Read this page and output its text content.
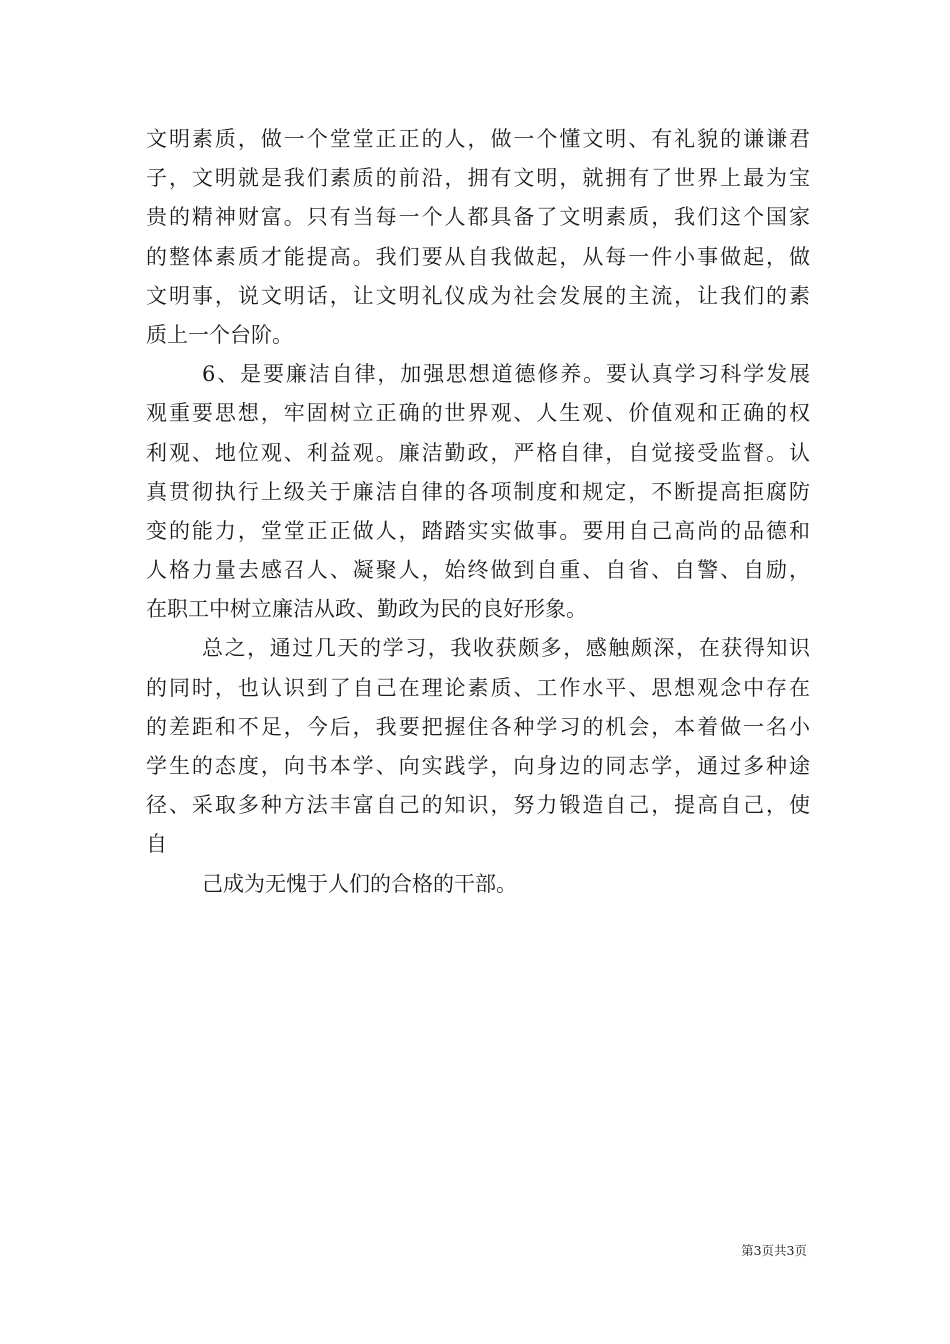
文明素质，做一个堂堂正正的人，做一个懂文明、有礼貌的谦谦君
子，文明就是我们素质的前沿，拥有文明，就拥有了世界上最为宝
贵的精神财富。只有当每一个人都具备了文明素质，我们这个国家
的整体素质才能提高。我们要从自我做起，从每一件小事做起，做
文明事，说文明话，让文明礼仪成为社会发展的主流，让我们的素
质上一个台阶。
6、是要廉洁自律，加强思想道德修养。要认真学习科学发展
观重要思想，牢固树立正确的世界观、人生观、价值观和正确的权
利观、地位观、利益观。廉洁勤政，严格自律，自觉接受监督。认
真贯彻执行上级关于廉洁自律的各项制度和规定，不断提高拒腐防
变的能力，堂堂正正做人，踏踏实实做事。要用自己高尚的品德和
人格力量去感召人、凝聚人，始终做到自重、自省、自警、自励，
在职工中树立廉洁从政、勤政为民的良好形象。
总之，通过几天的学习，我收获颇多，感触颇深，在获得知识
的同时，也认识到了自己在理论素质、工作水平、思想观念中存在
的差距和不足，今后，我要把握住各种学习的机会，本着做一名小
学生的态度，向书本学、向实践学，向身边的同志学，通过多种途
径、采取多种方法丰富自己的知识，努力锻造自己，提高自己，使
自
己成为无愧于人们的合格的干部。
第3页共3页
